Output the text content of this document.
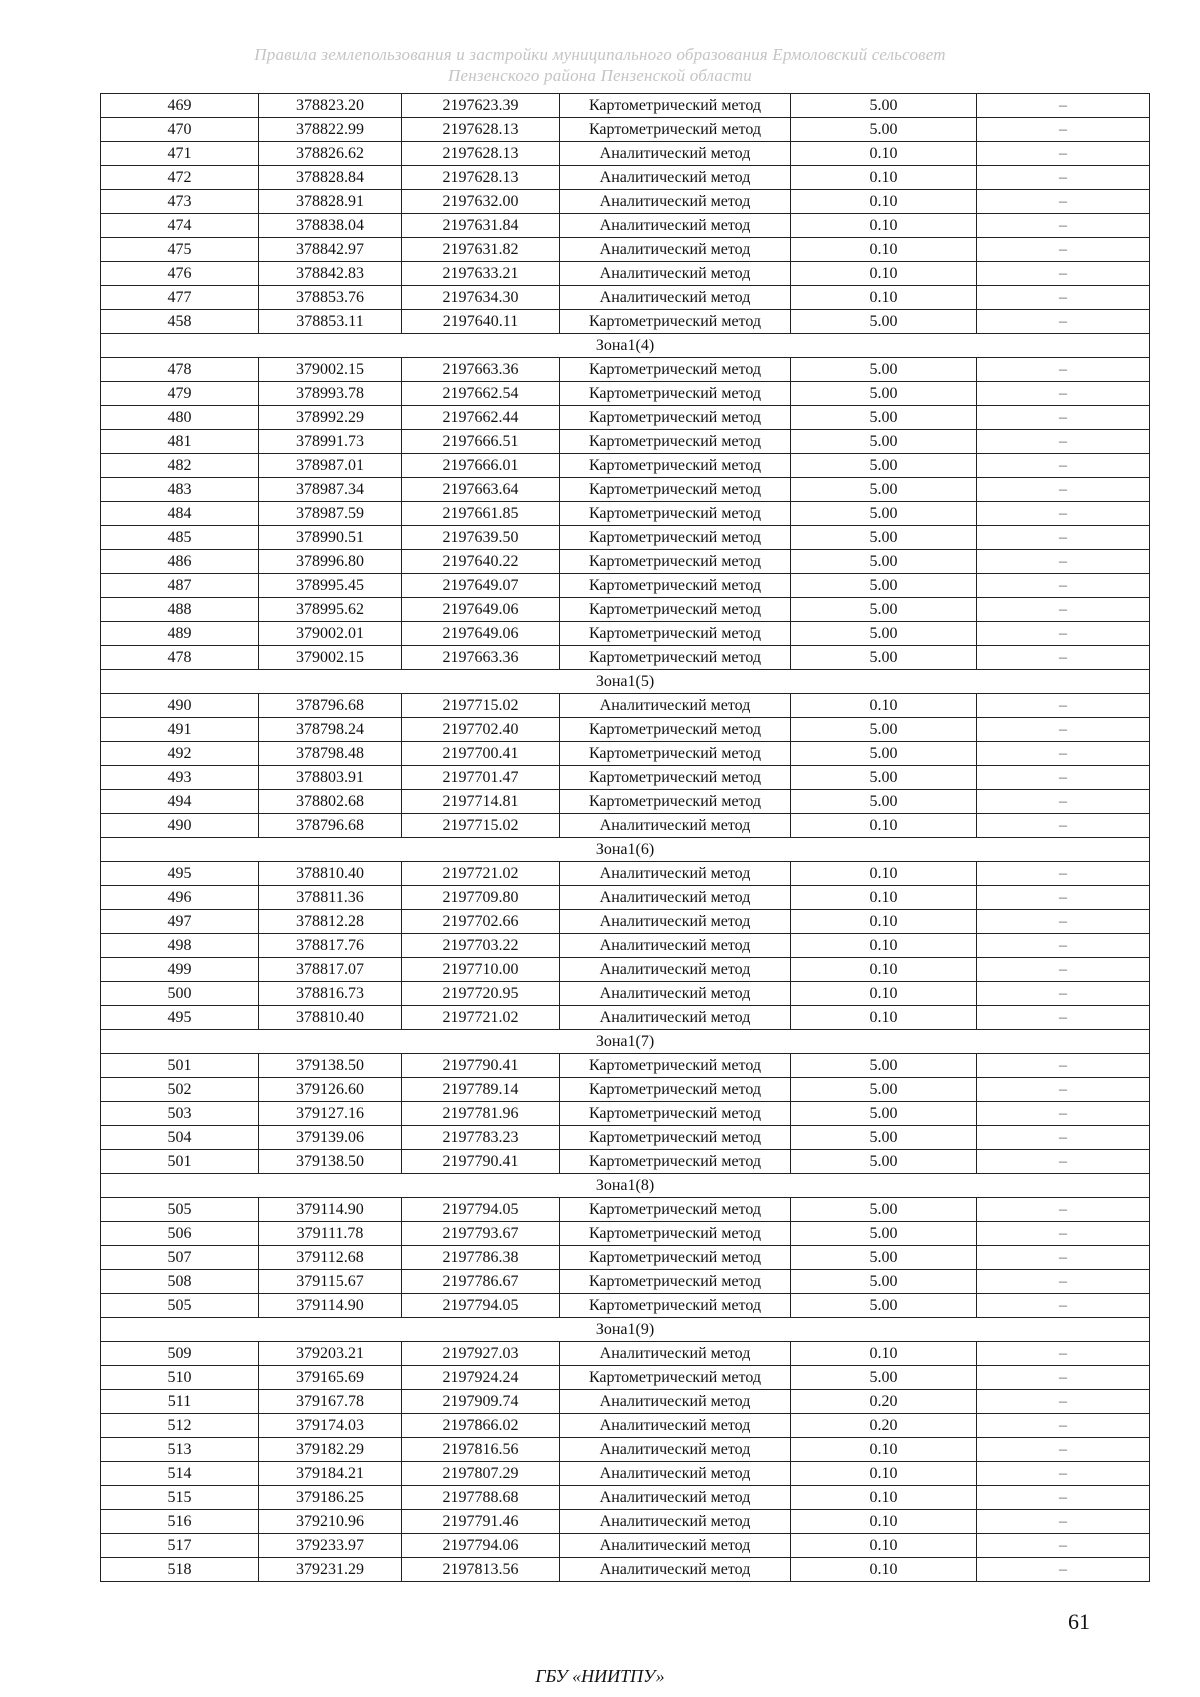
Правила землепользования и застройки муниципального образования Ермоловский сельсовет
Пензенского района Пензенской области
469	378823.20	2197623.39	Картометрический метод	5.00	–
470	378822.99	2197628.13	Картометрический метод	5.00	–
471	378826.62	2197628.13	Аналитический метод	0.10	–
472	378828.84	2197628.13	Аналитический метод	0.10	–
473	378828.91	2197632.00	Аналитический метод	0.10	–
474	378838.04	2197631.84	Аналитический метод	0.10	–
475	378842.97	2197631.82	Аналитический метод	0.10	–
476	378842.83	2197633.21	Аналитический метод	0.10	–
477	378853.76	2197634.30	Аналитический метод	0.10	–
458	378853.11	2197640.11	Картометрический метод	5.00	–
Зона1(4)					
478	379002.15	2197663.36	Картометрический метод	5.00	–
479	378993.78	2197662.54	Картометрический метод	5.00	–
480	378992.29	2197662.44	Картометрический метод	5.00	–
481	378991.73	2197666.51	Картометрический метод	5.00	–
482	378987.01	2197666.01	Картометрический метод	5.00	–
483	378987.34	2197663.64	Картометрический метод	5.00	–
484	378987.59	2197661.85	Картометрический метод	5.00	–
485	378990.51	2197639.50	Картометрический метод	5.00	–
486	378996.80	2197640.22	Картометрический метод	5.00	–
487	378995.45	2197649.07	Картометрический метод	5.00	–
488	378995.62	2197649.06	Картометрический метод	5.00	–
489	379002.01	2197649.06	Картометрический метод	5.00	–
478	379002.15	2197663.36	Картометрический метод	5.00	–
Зона1(5)					
490	378796.68	2197715.02	Аналитический метод	0.10	–
491	378798.24	2197702.40	Картометрический метод	5.00	–
492	378798.48	2197700.41	Картометрический метод	5.00	–
493	378803.91	2197701.47	Картометрический метод	5.00	–
494	378802.68	2197714.81	Картометрический метод	5.00	–
490	378796.68	2197715.02	Аналитический метод	0.10	–
Зона1(6)					
495	378810.40	2197721.02	Аналитический метод	0.10	–
496	378811.36	2197709.80	Аналитический метод	0.10	–
497	378812.28	2197702.66	Аналитический метод	0.10	–
498	378817.76	2197703.22	Аналитический метод	0.10	–
499	378817.07	2197710.00	Аналитический метод	0.10	–
500	378816.73	2197720.95	Аналитический метод	0.10	–
495	378810.40	2197721.02	Аналитический метод	0.10	–
Зона1(7)					
501	379138.50	2197790.41	Картометрический метод	5.00	–
502	379126.60	2197789.14	Картометрический метод	5.00	–
503	379127.16	2197781.96	Картометрический метод	5.00	–
504	379139.06	2197783.23	Картометрический метод	5.00	–
501	379138.50	2197790.41	Картометрический метод	5.00	–
Зона1(8)					
505	379114.90	2197794.05	Картометрический метод	5.00	–
506	379111.78	2197793.67	Картометрический метод	5.00	–
507	379112.68	2197786.38	Картометрический метод	5.00	–
508	379115.67	2197786.67	Картометрический метод	5.00	–
505	379114.90	2197794.05	Картометрический метод	5.00	–
Зона1(9)					
509	379203.21	2197927.03	Аналитический метод	0.10	–
510	379165.69	2197924.24	Картометрический метод	5.00	–
511	379167.78	2197909.74	Аналитический метод	0.20	–
512	379174.03	2197866.02	Аналитический метод	0.20	–
513	379182.29	2197816.56	Аналитический метод	0.10	–
514	379184.21	2197807.29	Аналитический метод	0.10	–
515	379186.25	2197788.68	Аналитический метод	0.10	–
516	379210.96	2197791.46	Аналитический метод	0.10	–
517	379233.97	2197794.06	Аналитический метод	0.10	–
518	379231.29	2197813.56	Аналитический метод	0.10	–
61
ГБУ «НИИТПУ»
